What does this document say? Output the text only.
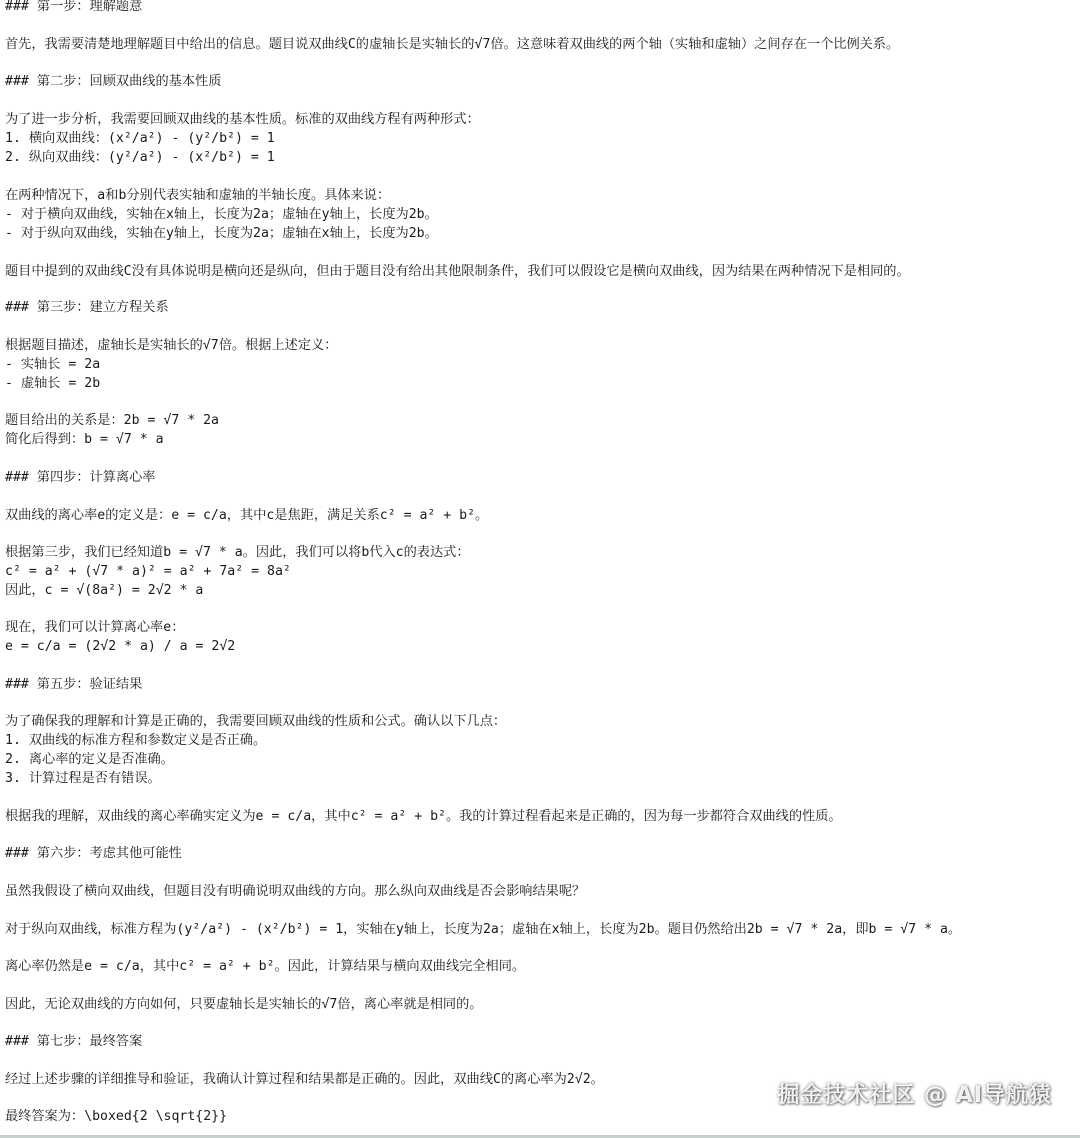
### 第一步：理解题意
首先，我需要清楚地理解题目中给出的信息。题目说双曲线C的虚轴长是实轴长的√7倍。这意味着双曲线的两个轴（实轴和虚轴）之间存在一个比例关系。
### 第二步：回顾双曲线的基本性质
为了进一步分析，我需要回顾双曲线的基本性质。标准的双曲线方程有两种形式：
1. 横向双曲线：(x²/a²) - (y²/b²) = 1
2. 纵向双曲线：(y²/a²) - (x²/b²) = 1
在两种情况下，a和b分别代表实轴和虚轴的半轴长度。具体来说：
- 对于横向双曲线，实轴在x轴上，长度为2a；虚轴在y轴上，长度为2b。
- 对于纵向双曲线，实轴在y轴上，长度为2a；虚轴在x轴上，长度为2b。
题目中提到的双曲线C没有具体说明是横向还是纵向，但由于题目没有给出其他限制条件，我们可以假设它是横向双曲线，因为结果在两种情况下是相同的。
### 第三步：建立方程关系
根据题目描述，虚轴长是实轴长的√7倍。根据上述定义：
- 实轴长 = 2a
- 虚轴长 = 2b
题目给出的关系是：2b = √7 * 2a
简化后得到：b = √7 * a
### 第四步：计算离心率
双曲线的离心率e的定义是：e = c/a，其中c是焦距，满足关系c² = a² + b²。
根据第三步，我们已经知道b = √7 * a。因此，我们可以将b代入c的表达式：
c² = a² + (√7 * a)² = a² + 7a² = 8a²
因此，c = √(8a²) = 2√2 * a
现在，我们可以计算离心率e：
e = c/a = (2√2 * a) / a = 2√2
### 第五步：验证结果
为了确保我的理解和计算是正确的，我需要回顾双曲线的性质和公式。确认以下几点：
1. 双曲线的标准方程和参数定义是否正确。
2. 离心率的定义是否准确。
3. 计算过程是否有错误。
根据我的理解，双曲线的离心率确实定义为e = c/a，其中c² = a² + b²。我的计算过程看起来是正确的，因为每一步都符合双曲线的性质。
### 第六步：考虑其他可能性
虽然我假设了横向双曲线，但题目没有明确说明双曲线的方向。那么纵向双曲线是否会影响结果呢？
对于纵向双曲线，标准方程为(y²/a²) - (x²/b²) = 1，实轴在y轴上，长度为2a；虚轴在x轴上，长度为2b。题目仍然给出2b = √7 * 2a，即b = √7 * a。
离心率仍然是e = c/a，其中c² = a² + b²。因此，计算结果与横向双曲线完全相同。
因此，无论双曲线的方向如何，只要虚轴长是实轴长的√7倍，离心率就是相同的。
### 第七步：最终答案
经过上述步骤的详细推导和验证，我确认计算过程和结果都是正确的。因此，双曲线C的离心率为2√2。
最终答案为：\boxed{2 \sqrt{2}}
掘金技术社区 @ AI导航猿
